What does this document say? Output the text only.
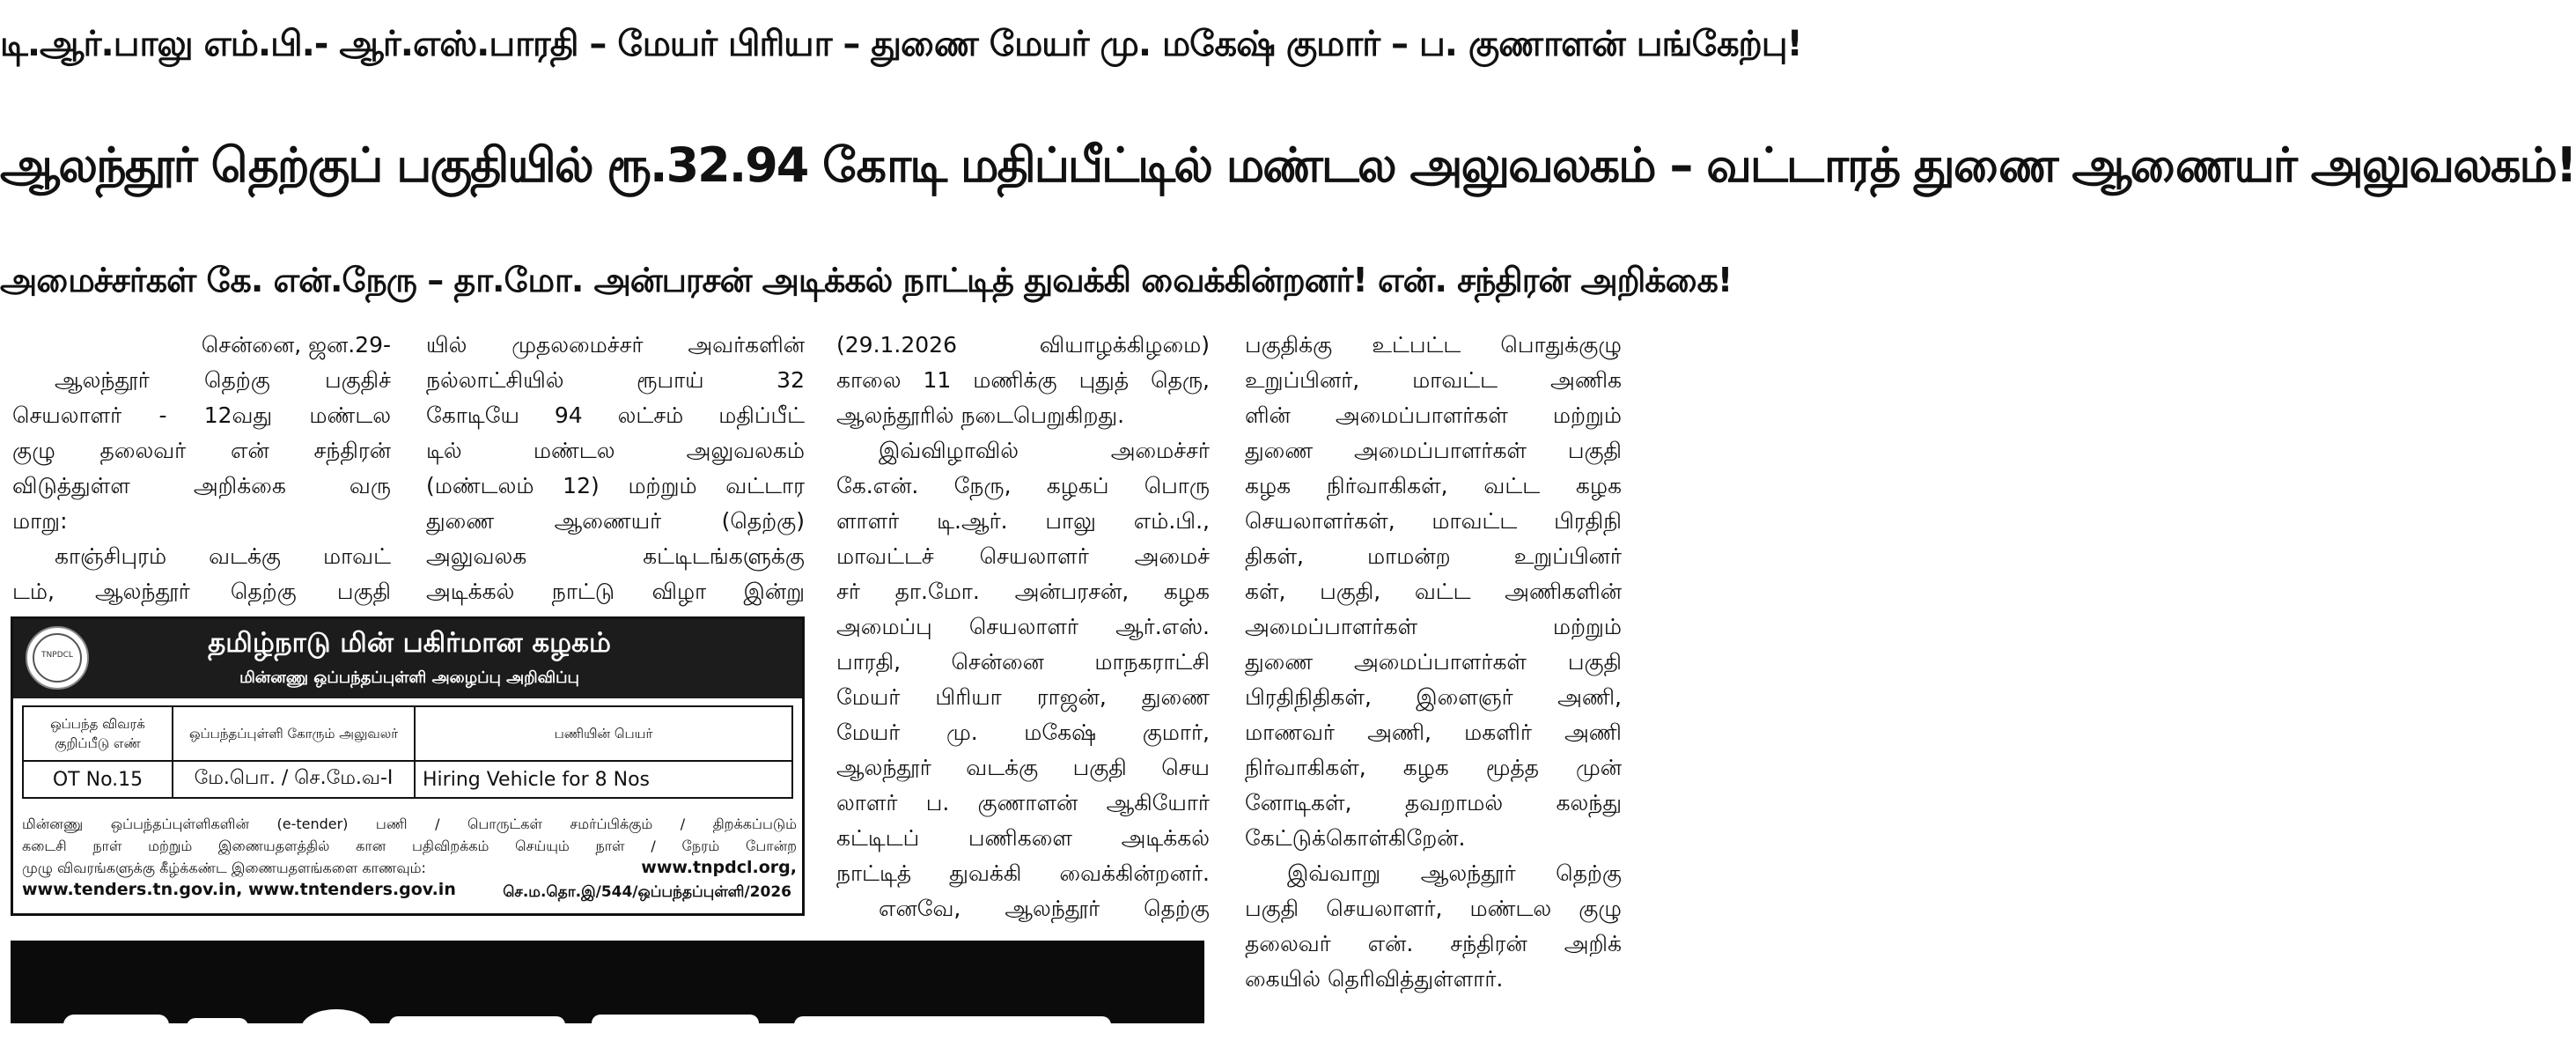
டி.ஆர்.பாலு எம்.பி.- ஆர்.எஸ்.பாரதி – மேயர் பிரியா – துணை மேயர் மு. மகேஷ் குமார் – ப. குணாளன் பங்கேற்பு!
ஆலந்தூர் தெற்குப் பகுதியில் ரூ.32.94 கோடி மதிப்பீட்டில் மண்டல அலுவலகம் – வட்டாரத் துணை ஆணையர் அலுவலகம்!
அமைச்சர்கள் கே. என்.நேரு – தா.மோ. அன்பரசன் அடிக்கல் நாட்டித் துவக்கி வைக்கின்றனர்! என். சந்திரன் அறிக்கை!
சென்னை, ஜன.29-
ஆலந்தூர் தெற்கு பகுதிச்
செயலாளர் - 12வது மண்டல
குழு தலைவர் என் சந்திரன்
விடுத்துள்ள அறிக்கை வரு
மாறு:
காஞ்சிபுரம் வடக்கு மாவட்
டம், ஆலந்தூர் தெற்கு பகுதி
யில் முதலமைச்சர் அவர்களின்
நல்லாட்சியில் ரூபாய் 32
கோடியே 94 லட்சம் மதிப்பீட்
டில் மண்டல அலுவலகம்
(மண்டலம் 12) மற்றும் வட்டார
துணை ஆணையர் (தெற்கு)
அலுவலக கட்டிடங்களுக்கு
அடிக்கல் நாட்டு விழா இன்று
(29.1.2026 வியாழக்கிழமை)
காலை 11 மணிக்கு புதுத் தெரு,
ஆலந்தூரில் நடைபெறுகிறது.
இவ்விழாவில் அமைச்சர்
கே.என். நேரு, கழகப் பொரு
ளாளர் டி.ஆர். பாலு எம்.பி.,
மாவட்டச் செயலாளர் அமைச்
சர் தா.மோ. அன்பரசன், கழக
அமைப்பு செயலாளர் ஆர்.எஸ்.
பாரதி, சென்னை மாநகராட்சி
மேயர் பிரியா ராஜன், துணை
மேயர் மு. மகேஷ் குமார்,
ஆலந்தூர் வடக்கு பகுதி செய
லாளர் ப. குணாளன் ஆகியோர்
கட்டிடப் பணிகளை அடிக்கல்
நாட்டித் துவக்கி வைக்கின்றனர்.
எனவே, ஆலந்தூர் தெற்கு
பகுதிக்கு உட்பட்ட பொதுக்குழு
உறுப்பினர், மாவட்ட அணிக
ளின் அமைப்பாளர்கள் மற்றும்
துணை அமைப்பாளர்கள் பகுதி
கழக நிர்வாகிகள், வட்ட கழக
செயலாளர்கள், மாவட்ட பிரதிநி
திகள், மாமன்ற உறுப்பினர்
கள், பகுதி, வட்ட அணிகளின்
அமைப்பாளர்கள் மற்றும்
துணை அமைப்பாளர்கள் பகுதி
பிரதிநிதிகள், இளைஞர் அணி,
மாணவர் அணி, மகளிர் அணி
நிர்வாகிகள், கழக மூத்த முன்
னோடிகள், தவறாமல் கலந்து
கேட்டுக்கொள்கிறேன்.
இவ்வாறு ஆலந்தூர் தெற்கு
பகுதி செயலாளர், மண்டல குழு
தலைவர் என். சந்திரன் அறிக்
கையில் தெரிவித்துள்ளார்.
TNPDCL	தமிழ்நாடு மின் பகிர்மான கழகம்
மின்னணு ஒப்பந்தப்புள்ளி அழைப்பு அறிவிப்பு
ஒப்பந்த விவரக் குறிப்பீடு எண்	ஒப்பந்தப்புள்ளி கோரும் அலுவலர்	பணியின் பெயர்
OT No.15	மே.பொ. / செ.மே.வ-I	Hiring Vehicle for 8 Nos
மின்னணு ஒப்பந்தப்புள்ளிகளின் (e-tender) பணி / பொருட்கள் சமர்ப்பிக்கும் / திறக்கப்படும்
கடைசி நாள் மற்றும் இணையதளத்தில் கான பதிவிறக்கம் செய்யும் நாள் / நேரம் போன்ற
முழு விவரங்களுக்கு கீழ்க்கண்ட இணையதளங்களை காணவும்:	www.tnpdcl.org,
www.tenders.tn.gov.in, www.tntenders.gov.in	செ.ம.தொ.இ/544/ஒப்பந்தப்புள்ளி/2026
